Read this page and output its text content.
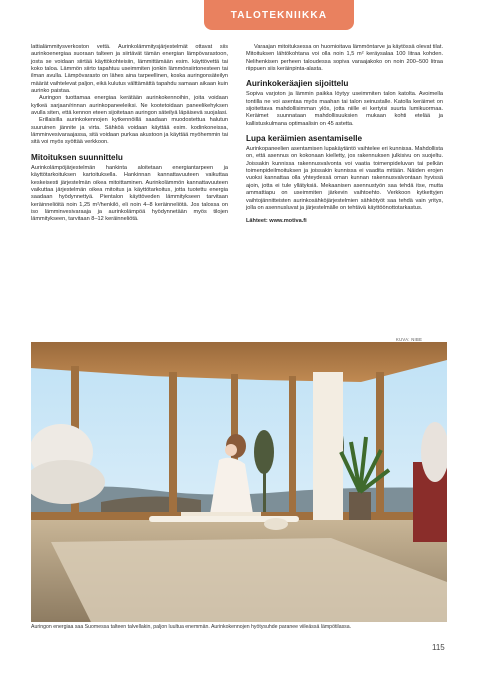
TALOTEKNIIKKA

lattialämmitysverkoston vettä. Aurinkolämmitysjärjestelmät ottavat siis aurinkoenergiaa suoraan talteen ja siirtävät tämän energian lämpövarastoon, josta se voidaan siirtää käyttökohteisiin, lämmittämään esim. käyttövettä tai koko taloa. Lämmön siirto tapahtuu useimmiten jonkin lämmönsiirtonesteen tai ilman avulla. Lämpövarasto on lähes aina tarpeellinen, koska auringonsäteilyn määrät vaihtelevat paljon, eikä kulutus välttämättä tapahdu samaan aikaan kuin aurinko paistaa.

Auringon tuottamaa energiaa kerätään aurinkokennoihin, joita voidaan kytkeä sarjaan/rinnan aurinkopaneeleiksi. Ne kootetoidaan paneelikehyksen avulla siten, että kennon eteen sijoitetaan auringon säteilyä läpäisevä suojalasi.

Erillaisilla aurinkokennojen kytkennöillä saadaan muodostettua halutun suuruinen jännite ja virta. Sähköä voidaan käyttää esim. kodinkoneissa, lämminvesivaraajassa, sitä voidaan purkaa akustoon ja käyttää myöhemmin tai sitä voi myös syöttää verkkoon.

Mitoituksen suunnittelu

Aurinkolämpöjärjestelmän hankinta aloitetaan energiantarpeen ja käyttötarkoituksen kartoituksella. Hankinnan kannattavuuteen vaikuttaa keskeisesti järjestelmän oikea mitoittaminen. Aurinkolämmön kannattavuuteen vaikuttaa järjestelmän oikea mitoitus ja käyttötarkoitus, jotta tuotettu energia saadaan hyödynnettyä. Pientalon käyttöveden lämmitykseen tarvitaan keräinneliöitä noin 1,25 m²/henkilö, eli noin 4–8 keräinneliötä. Jos talossa on iso lämminvesivaraaja ja aurinkolämpöä hyödynnetään myös tilojen lämmitykseen, tarvitaan 8–12 keräinneliötä.

Varaajan mitoituksessa on huomioitava lämmöntarve ja käytössä olevat tilat. Mitoituksen lähtökohtana voi olla noin 1,5 m² keräysalaa 100 litraa kohden. Nelihenkisen perheen taloudessa sopiva varaajakoko on noin 200–500 litraa riippuen siis keräinpinta-alasta.

Aurinkokeräajien sijoittelu

Sopiva varjoton ja lämmin paikka löytyy useimmiten talon katolta. Avoimella tontilla ne voi asentaa myös maahan tai talon seinustalle. Katolla keräimet on sijoitettava mahdollisimman ylös, jotta niille ei kertyisi suurta lumikuormaa. Keräimet suunnataan mahdollisuuksien mukaan kohti etelää ja kallistuskulmana optimaalisin on 45 astetta.

Lupa keräimien asentamiselle

Aurinkopaneelien asentamisen lupakäytäntö vaihtelee eri kunnissa. Mahdollista on, että asennus on kokonaan kielletty, jos rakennuksen julkisivu on suojeltu. Joissakin kunnissa rakennusvalvonta voi vaatia toimenpideluvan tai pelkän toimenpideilmoituksen ja joissakin kunnissa ei vaadita mitään. Näiden erojen vuoksi kannattaa olla yhteydessä oman kunnan rakennusvalvontaan hyvissä ajoin, jotta ei tule yllätyksiä. Mekaanisen asennustyön saa tehdä itse, mutta ammattiapu on useimmiten järkevin vaihtoehto. Verkkoon kytkettyjen vaihtojännitteisten aurinkosähköjärjestelmien sähkötyöt saa tehdä vain yritys, jolla on asennusluvat ja järjestelmälle on tehtävä käyttöönottotarkastus.

Lähteet: www.motiva.fi

KUVA: NIBE
Auringon energiaa saa Suomessa talteen talvellakin, paljon luultua enemmän. Aurinkokennojen hyötysuhde paranee viileässä lämpötilassa.
115
